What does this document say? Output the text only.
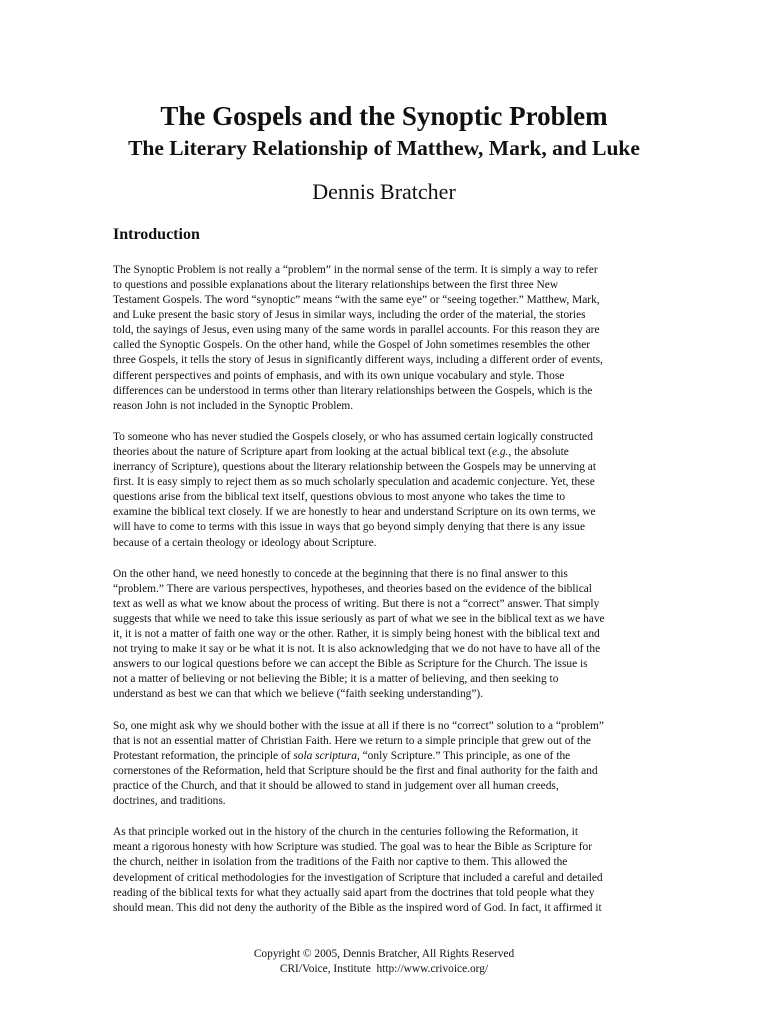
The Gospels and the Synoptic Problem
The Literary Relationship of Matthew, Mark, and Luke
Dennis Bratcher
Introduction

The Synoptic Problem is not really a “problem” in the normal sense of the term. It is simply a way to refer
to questions and possible explanations about the literary relationships between the first three New
Testament Gospels. The word “synoptic” means “with the same eye” or “seeing together.” Matthew, Mark,
and Luke present the basic story of Jesus in similar ways, including the order of the material, the stories
told, the sayings of Jesus, even using many of the same words in parallel accounts. For this reason they are
called the Synoptic Gospels. On the other hand, while the Gospel of John sometimes resembles the other
three Gospels, it tells the story of Jesus in significantly different ways, including a different order of events,
different perspectives and points of emphasis, and with its own unique vocabulary and style. Those
differences can be understood in terms other than literary relationships between the Gospels, which is the
reason John is not included in the Synoptic Problem.

To someone who has never studied the Gospels closely, or who has assumed certain logically constructed
theories about the nature of Scripture apart from looking at the actual biblical text (e.g., the absolute
inerrancy of Scripture), questions about the literary relationship between the Gospels may be unnerving at
first. It is easy simply to reject them as so much scholarly speculation and academic conjecture. Yet, these
questions arise from the biblical text itself, questions obvious to most anyone who takes the time to
examine the biblical text closely. If we are honestly to hear and understand Scripture on its own terms, we
will have to come to terms with this issue in ways that go beyond simply denying that there is any issue
because of a certain theology or ideology about Scripture.

On the other hand, we need honestly to concede at the beginning that there is no final answer to this
“problem.” There are various perspectives, hypotheses, and theories based on the evidence of the biblical
text as well as what we know about the process of writing. But there is not a “correct” answer. That simply
suggests that while we need to take this issue seriously as part of what we see in the biblical text as we have
it, it is not a matter of faith one way or the other. Rather, it is simply being honest with the biblical text and
not trying to make it say or be what it is not. It is also acknowledging that we do not have to have all of the
answers to our logical questions before we can accept the Bible as Scripture for the Church. The issue is
not a matter of believing or not believing the Bible; it is a matter of believing, and then seeking to
understand as best we can that which we believe (“faith seeking understanding”).

So, one might ask why we should bother with the issue at all if there is no “correct” solution to a “problem”
that is not an essential matter of Christian Faith. Here we return to a simple principle that grew out of the
Protestant reformation, the principle of sola scriptura, “only Scripture.” This principle, as one of the
cornerstones of the Reformation, held that Scripture should be the first and final authority for the faith and
practice of the Church, and that it should be allowed to stand in judgement over all human creeds,
doctrines, and traditions.

As that principle worked out in the history of the church in the centuries following the Reformation, it
meant a rigorous honesty with how Scripture was studied. The goal was to hear the Bible as Scripture for
the church, neither in isolation from the traditions of the Faith nor captive to them. This allowed the
development of critical methodologies for the investigation of Scripture that included a careful and detailed
reading of the biblical texts for what they actually said apart from the doctrines that told people what they
should mean. This did not deny the authority of the Bible as the inspired word of God. In fact, it affirmed it

Copyright © 2005, Dennis Bratcher, All Rights Reserved
CRI/Voice, Institute  http://www.crivoice.org/
